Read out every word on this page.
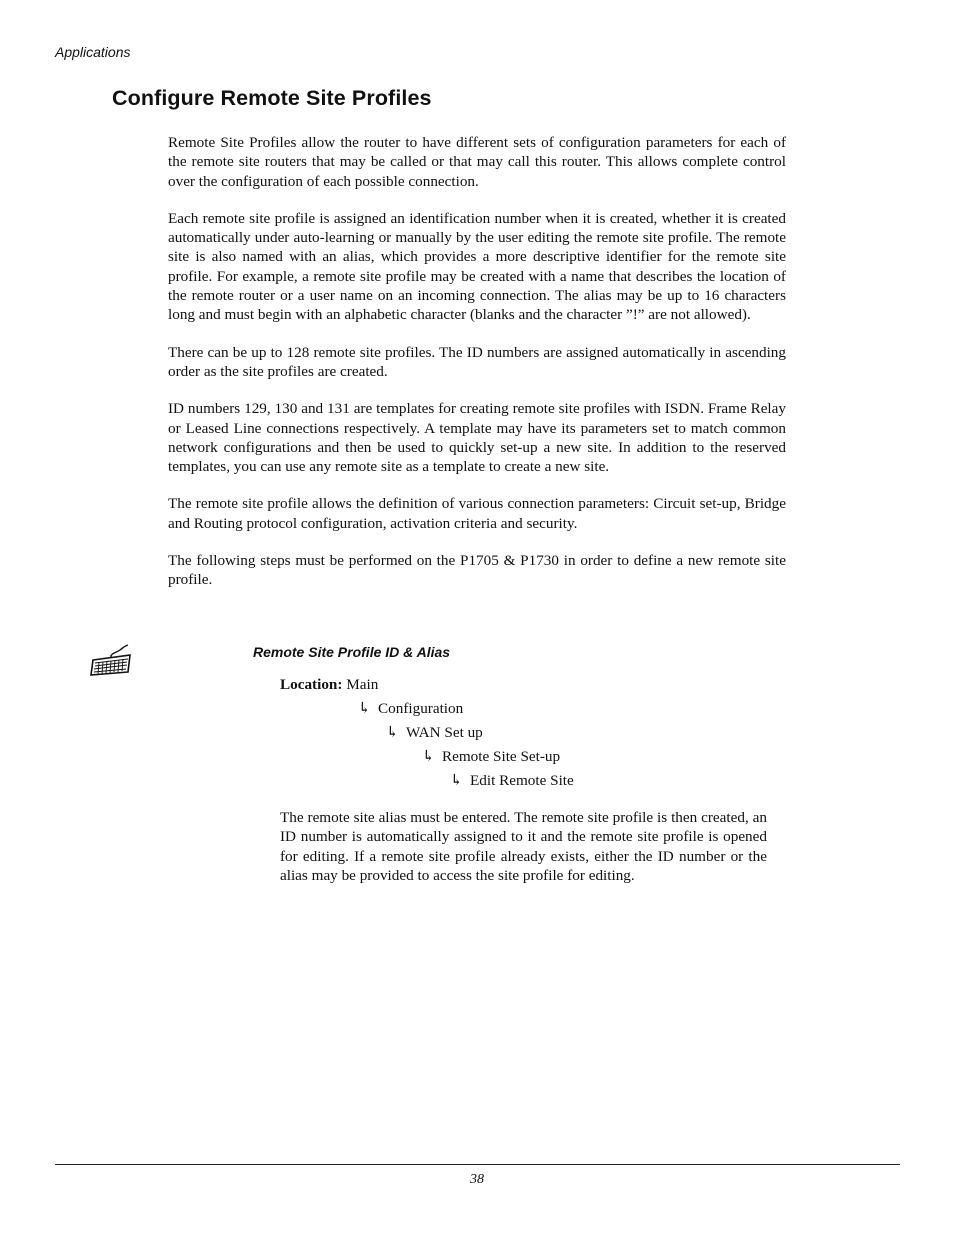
Applications
Configure Remote Site Profiles

Remote Site Profiles allow the router to have different sets of configuration parameters for each of the remote site routers that may be called or that may call this router. This allows complete control over the configuration of each possible connection.

Each remote site profile is assigned an identification number when it is created, whether it is created automatically under auto-learning or manually by the user editing the remote site profile. The remote site is also named with an alias, which provides a more descriptive identifier for the remote site profile. For example, a remote site profile may be created with a name that describes the location of the remote router or a user name on an incoming connection. The alias may be up to 16 characters long and must begin with an alphabetic character (blanks and the character ”!” are not allowed).

There can be up to 128 remote site profiles. The ID numbers are assigned automatically in ascending order as the site profiles are created.

ID numbers 129, 130 and 131 are templates for creating remote site profiles with ISDN. Frame Relay or Leased Line connections respectively. A template may have its parameters set to match common network configurations and then be used to quickly set-up a new site. In addition to the reserved templates, you can use any remote site as a template to create a new site.

The remote site profile allows the definition of various connection parameters: Circuit set-up, Bridge and Routing protocol configuration, activation criteria and security.

The following steps must be performed on the P1705 & P1730 in order to define a new remote site profile.

Remote Site Profile ID & Alias
Location: Main
↳ Configuration
↳ WAN Set up
↳ Remote Site Set-up
↳ Edit Remote Site

The remote site alias must be entered. The remote site profile is then created, an ID number is automatically assigned to it and the remote site profile is opened for editing. If a remote site profile already exists, either the ID number or the alias may be provided to access the site profile for editing.

38
